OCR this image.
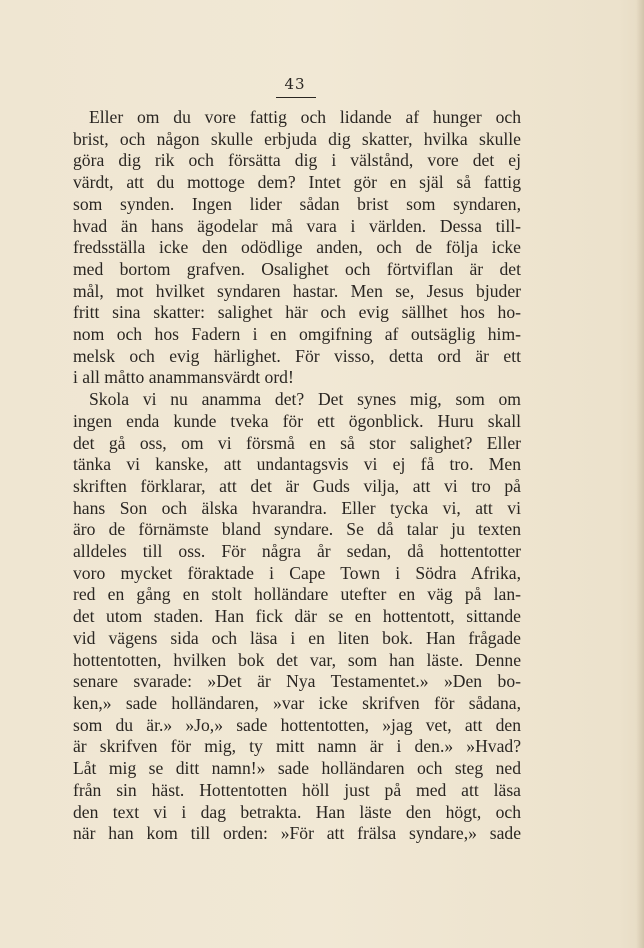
43
Eller om du vore fattig och lidande af hunger och
brist, och någon skulle erbjuda dig skatter, hvilka skulle
göra dig rik och försätta dig i välstånd, vore det ej
värdt, att du mottoge dem? Intet gör en själ så fattig
som synden. Ingen lider sådan brist som syndaren,
hvad än hans ägodelar må vara i världen. Dessa till-
fredsställa icke den odödlige anden, och de följa icke
med bortom grafven. Osalighet och förtviflan är det
mål, mot hvilket syndaren hastar. Men se, Jesus bjuder
fritt sina skatter: salighet här och evig sällhet hos ho-
nom och hos Fadern i en omgifning af outsäglig him-
melsk och evig härlighet. För visso, detta ord är ett
i all måtto anammansvärdt ord!
Skola vi nu anamma det? Det synes mig, som om
ingen enda kunde tveka för ett ögonblick. Huru skall
det gå oss, om vi försmå en så stor salighet? Eller
tänka vi kanske, att undantagsvis vi ej få tro. Men
skriften förklarar, att det är Guds vilja, att vi tro på
hans Son och älska hvarandra. Eller tycka vi, att vi
äro de förnämste bland syndare. Se då talar ju texten
alldeles till oss. För några år sedan, då hottentotter
voro mycket föraktade i Cape Town i Södra Afrika,
red en gång en stolt holländare utefter en väg på lan-
det utom staden. Han fick där se en hottentott, sittande
vid vägens sida och läsa i en liten bok. Han frågade
hottentotten, hvilken bok det var, som han läste. Denne
senare svarade: »Det är Nya Testamentet.» »Den bo-
ken,» sade holländaren, »var icke skrifven för sådana,
som du är.» »Jo,» sade hottentotten, »jag vet, att den
är skrifven för mig, ty mitt namn är i den.» »Hvad?
Låt mig se ditt namn!» sade holländaren och steg ned
från sin häst. Hottentotten höll just på med att läsa
den text vi i dag betrakta. Han läste den högt, och
när han kom till orden: »För att frälsa syndare,» sade
